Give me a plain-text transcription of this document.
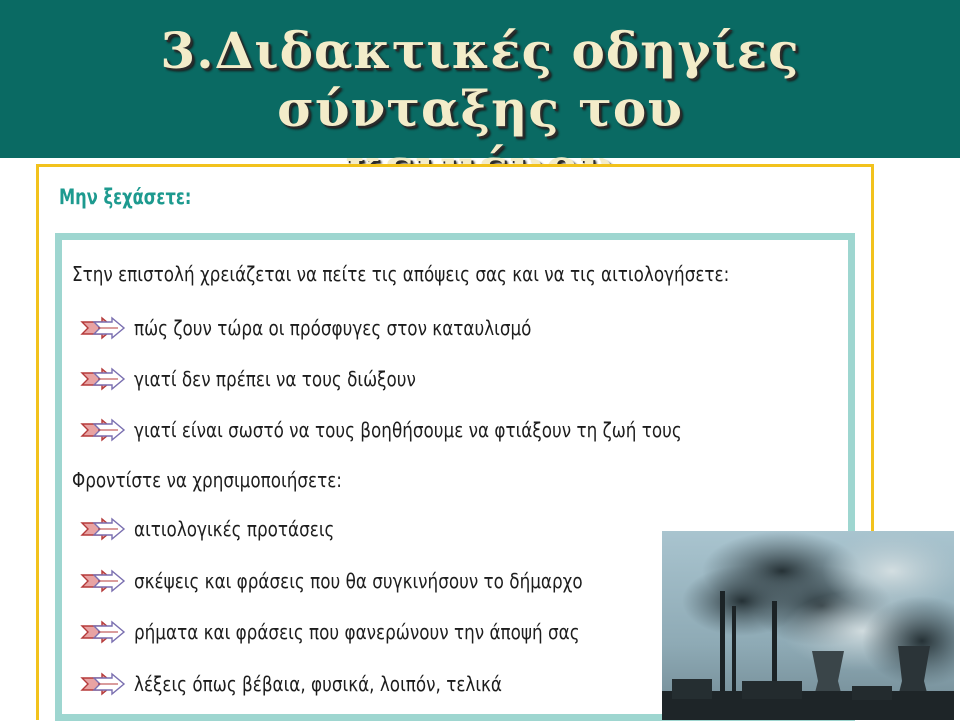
3.Διδακτικές οδηγίες σύνταξης του
Μην ξεχάσετε:
Στην επιστολή χρειάζεται να πείτε τις απόψεις σας και να τις αιτιολογήσετε:
πώς ζουν τώρα οι πρόσφυγες στον καταυλισμό
γιατί δεν πρέπει να τους διώξουν
γιατί είναι σωστό να τους βοηθήσουμε να φτιάξουν τη ζωή τους
Φροντίστε να χρησιμοποιήσετε:
αιτιολογικές προτάσεις
σκέψεις και φράσεις που θα συγκινήσουν το δήμαρχο
ρήματα και φράσεις που φανερώνουν την άποψή σας
λέξεις όπως βέβαια, φυσικά, λοιπόν, τελικά
